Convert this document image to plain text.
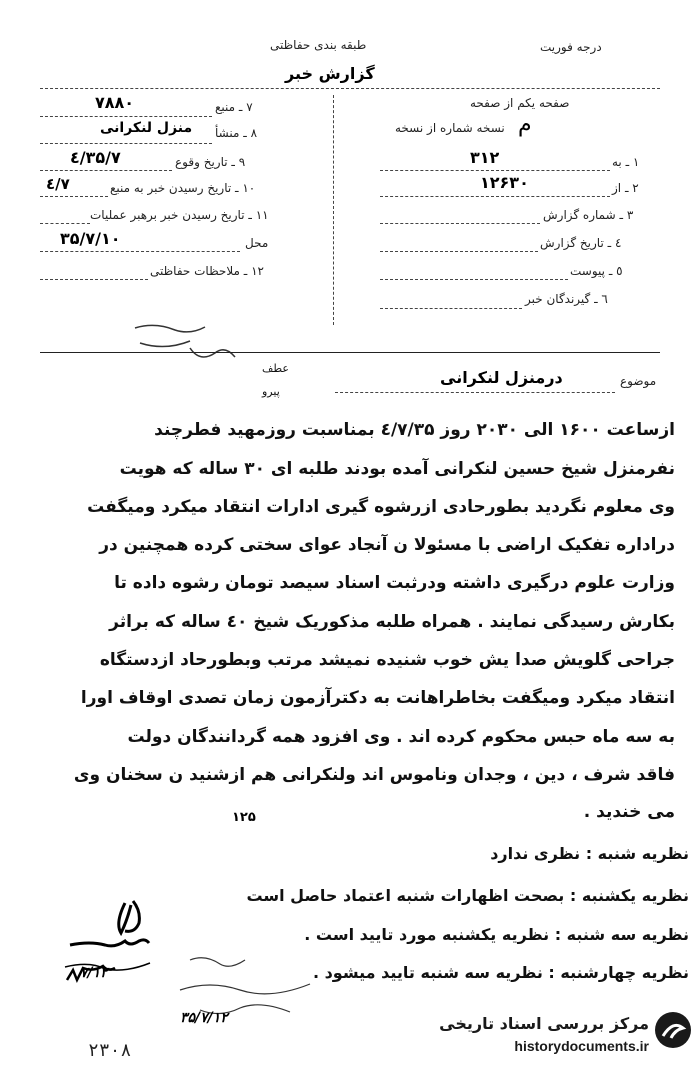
درجه فوریت
طبقه بندی حفاظتی
گزارش خبر
صفحه یکم از صفحه
نسخه شماره از نسخه م
۱ ـ به
۳۱۲
۲ ـ از
۱۲۶۳۰
۳ ـ شماره گزارش
٤ ـ تاریخ گزارش
٥ ـ پیوست
٦ ـ گیرندگان خبر
۷ ـ منبع
۷۸۸۰
۸ ـ منشأ
منزل لنکرانی
۹ ـ تاریخ وقوع
۳۵/۷/٤
۱۰ ـ تاریخ رسیدن خبر به منبع
۷/٤
۱۱ ـ تاریخ رسیدن خبر برهبر عملیات
محل
۳۵/۷/۱۰
۱۲ ـ ملاحظات حفاظتی
عطف
پیرو
موضوع
درمنزل لنکرانی
ازساعت ۱۶۰۰ الی ۲۰۳۰ روز ٤/۷/۳۵ بمناسبت روزمهید فطرچند
نفرمنزل شیخ حسین لنکرانی آمده بودند طلبه ای ۳۰ ساله که هویت
وی معلوم نگردید بطورحادی ازرشوه گیری ادارات انتقاد میکرد ومیگفت
دراداره تفکیک اراضی با مسئولا ن آنجاد عوای سختی کرده همچنین در
وزارت علوم درگیری داشته ودرثبت اسناد سیصد تومان رشوه داده تا
بکارش رسیدگی نمایند . همراه طلبه مذکوریک شیخ ٤۰ ساله که براثر
جراحی گلویش صدا یش خوب شنیده نمیشد مرتب وبطورحاد ازدستگاه
انتقاد میکرد ومیگفت بخاطراهانت به دکترآزمون زمان تصدی اوقاف اورا
به سه ماه حبس محکوم کرده اند . وی افزود همه گردانندگان دولت
فاقد شرف ، دین ، وجدان وناموس اند ولنکرانی هم ازشنید ن سخنان وی
می خندید .
۱۲۵
نظریه شنبه : نظری ندارد
نظریه یکشنبه : بصحت اظهارات شنبه اعتماد حاصل است
نظریه سه شنبه : نظریه یکشنبه مورد تایید است .
نظریه چهارشنبه : نظریه سه شنبه تایید میشود .
۷/۱۲
۳۵/۷/۱۲
۲۳۰۸
مرکز بررسی اسناد تاریخی
historydocuments.ir
